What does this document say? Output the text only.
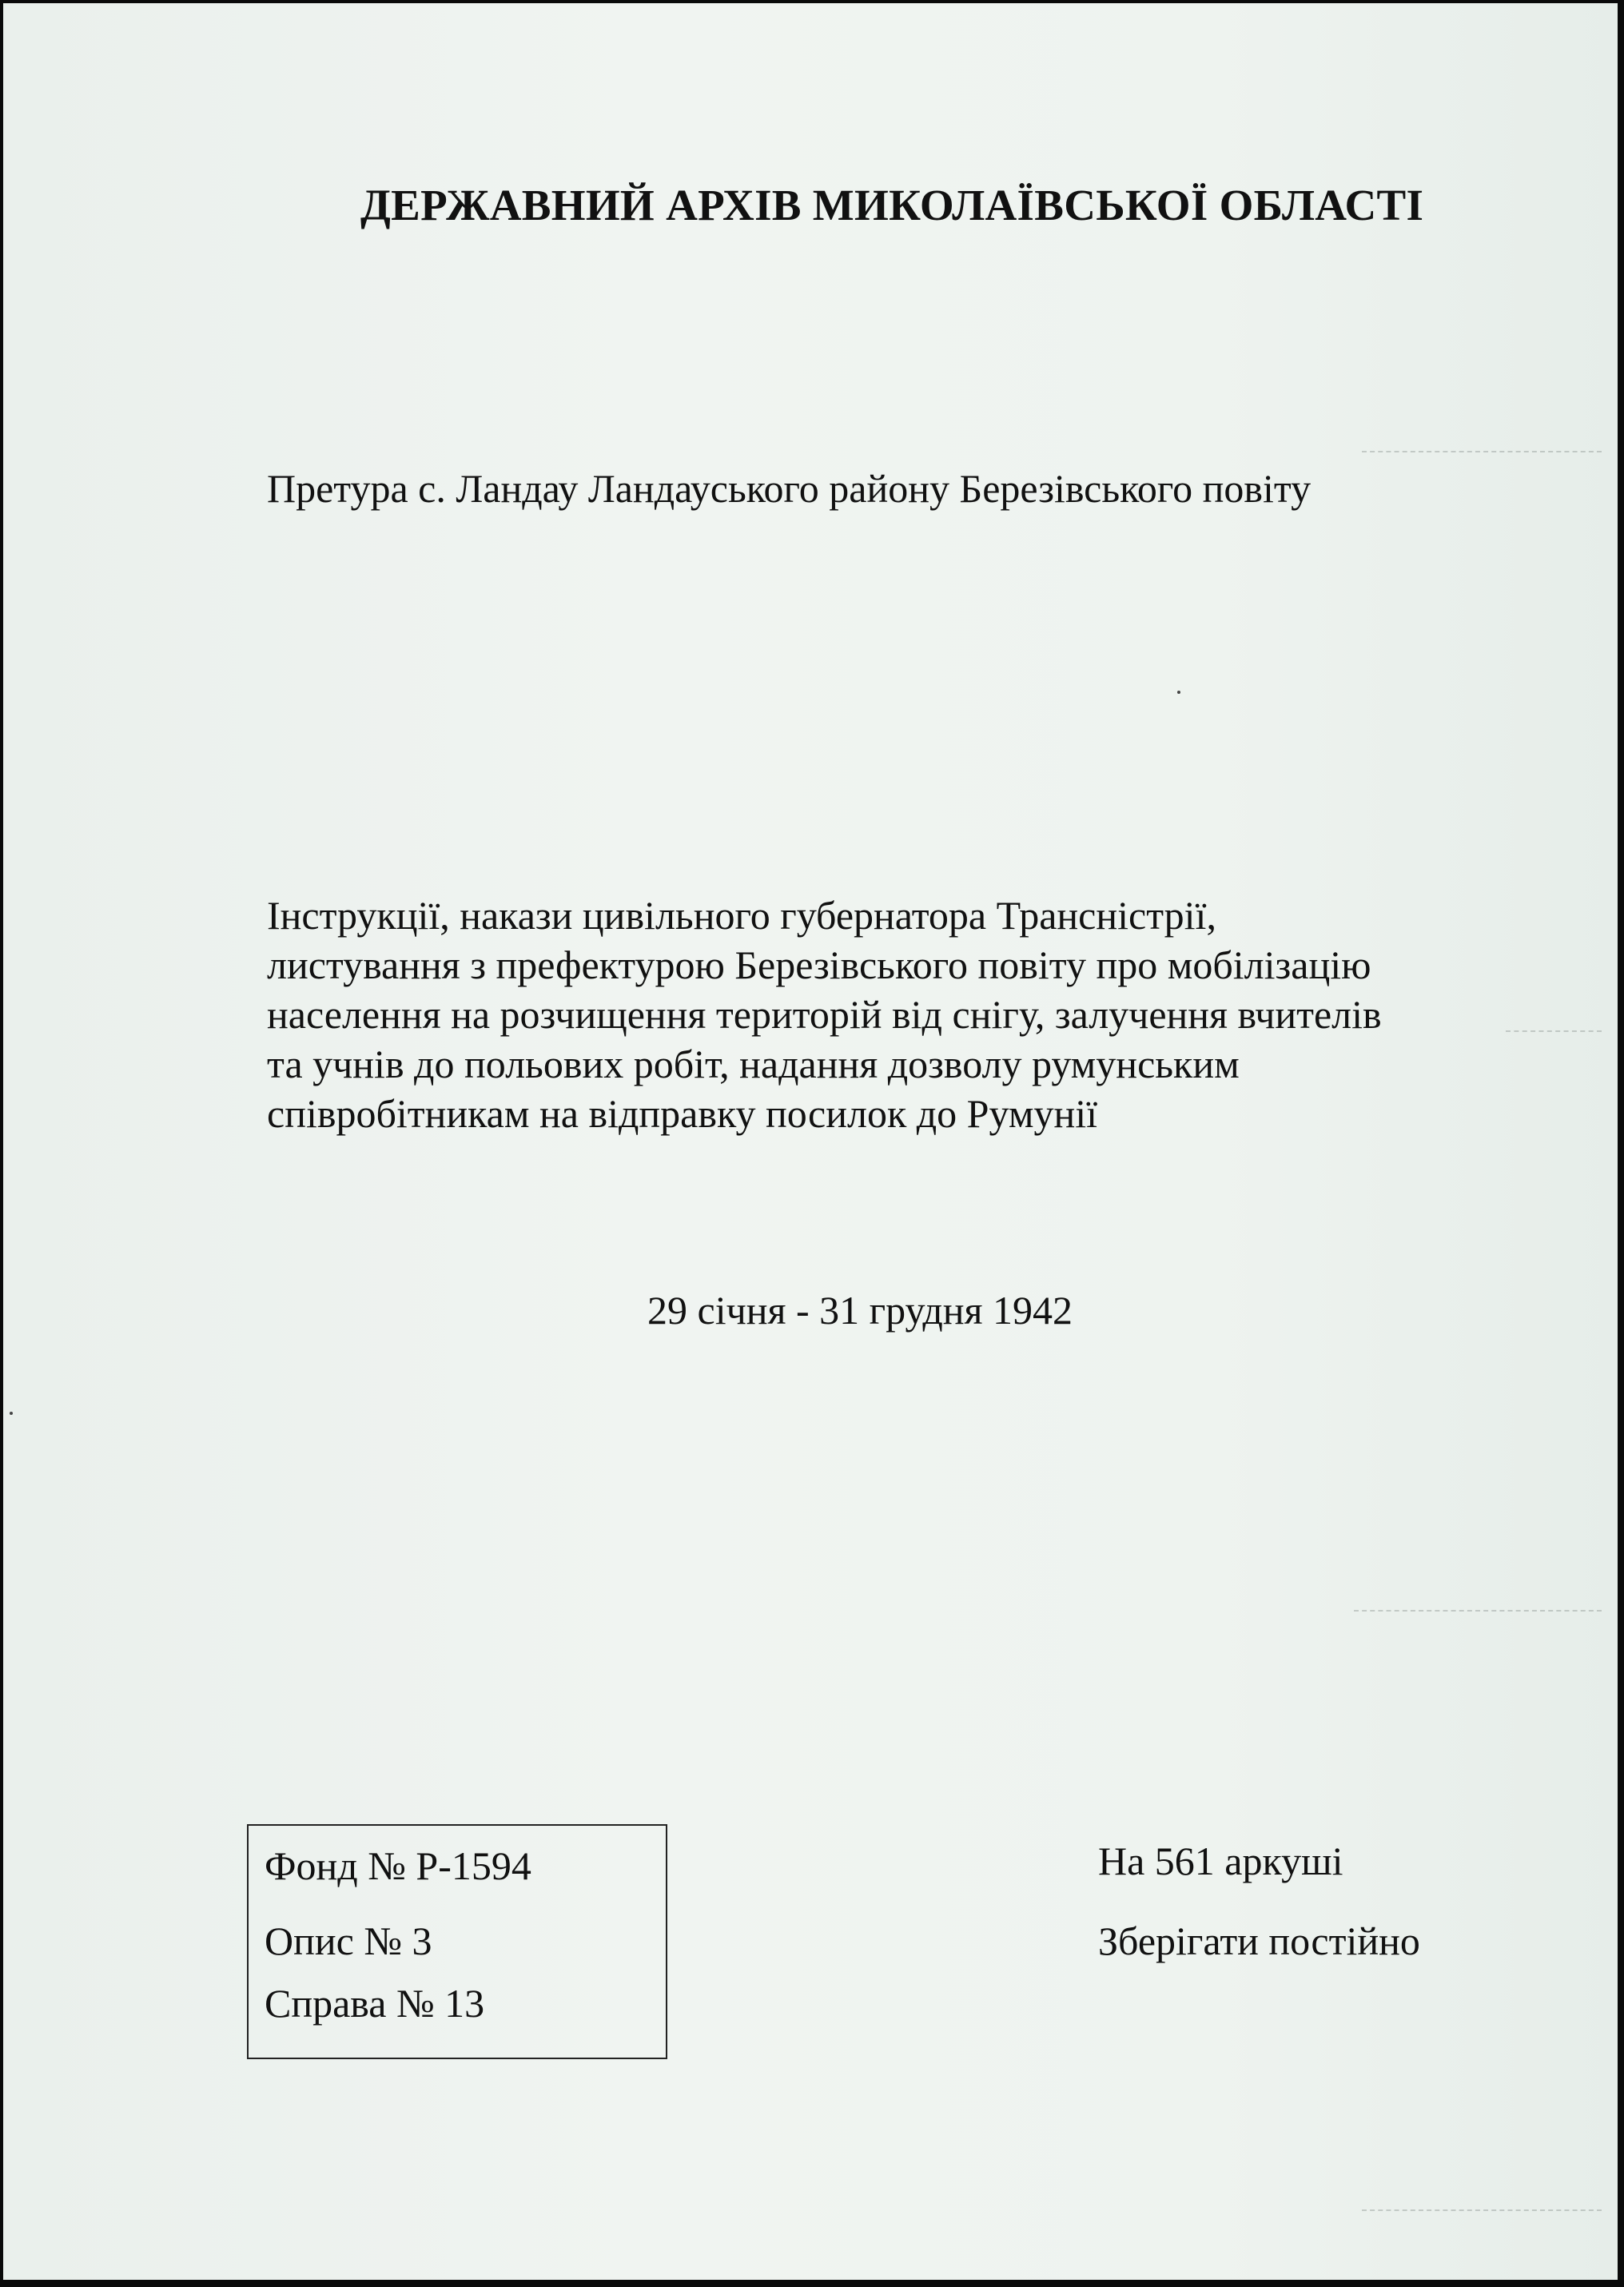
ДЕРЖАВНИЙ АРХІВ МИКОЛАЇВСЬКОЇ ОБЛАСТІ

Претура с. Ландау Ландауського району Березівського повіту

Інструкції, накази цивільного губернатора Трансністрії,
листування з префектурою Березівського повіту про мобілізацію
населення на розчищення територій від снігу, залучення вчителів
та учнів до польових робіт, надання дозволу румунським
співробітникам на відправку посилок до Румунії

29 січня - 31 грудня 1942

Фонд № Р-1594

Опис № 3

Справа № 13

На 561 аркуші

Зберігати постійно
